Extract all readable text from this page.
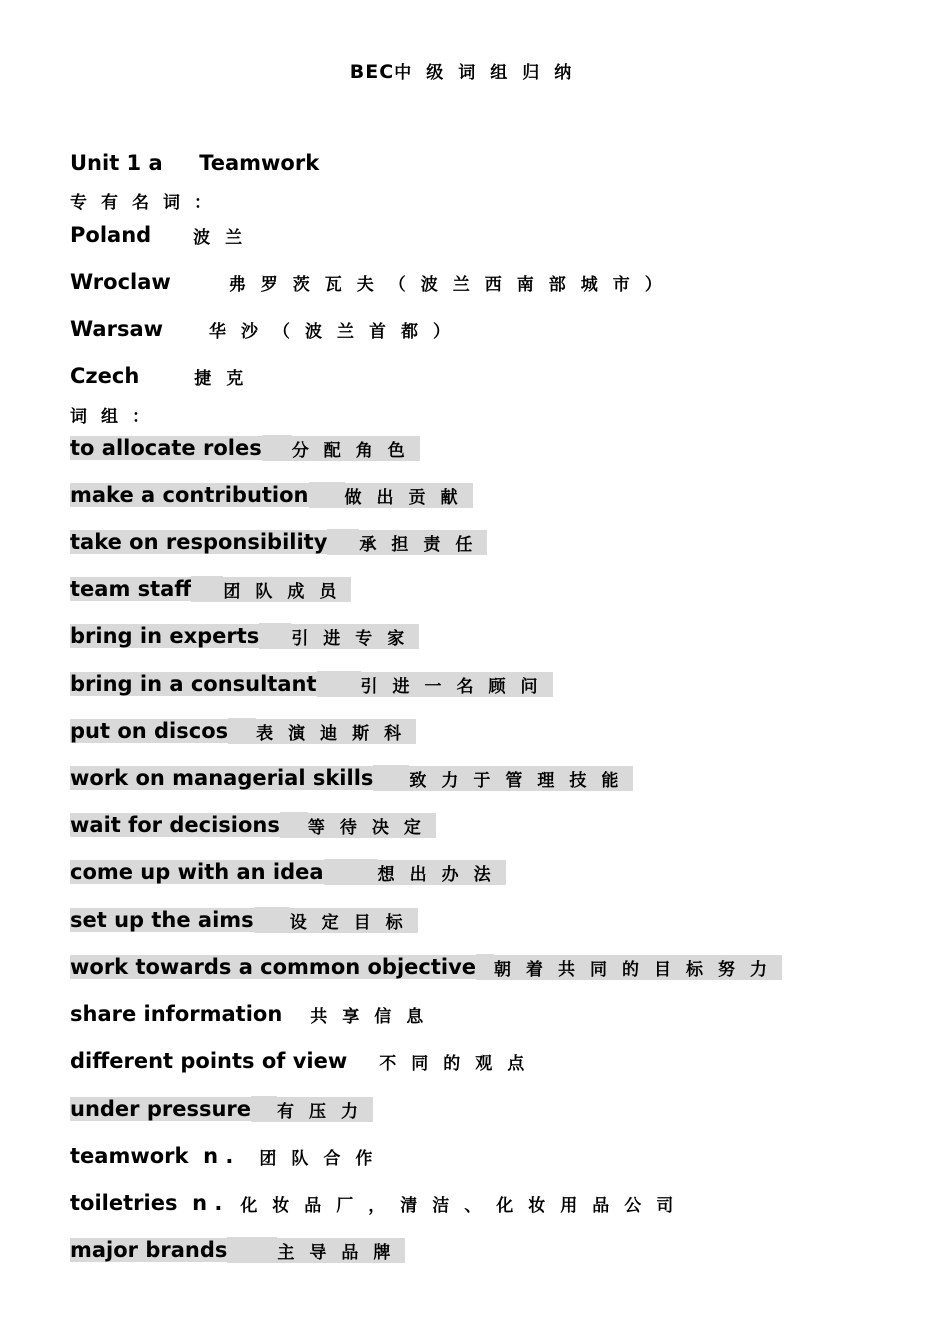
BEC中级词组归纳
Unit 1 a     Teamwork
专有名词：
Poland 波兰
Wroclaw	弗罗茨瓦夫（波兰西南部城市）
Warsaw	华沙（波兰首都）
Czech	捷克
词组：
to allocate roles 分配角色
make a contribution 做出贡献
take on responsibility 承担责任
team staff 团队成员
bring in experts 引进专家
bring in a consultant	引进一名顾问
put on discos 表演迪斯科
work on managerial skills 致力于管理技能
wait for decisions 等待决定
come up with an idea	想出办法
set up the aims 设定目标
work towards a common objective 朝着共同的目标努力
share information 共享信息
different points of view 不同的观点
under pressure 有压力
teamwork  n . 团队合作
toiletries  n . 化妆品厂，清洁、化妆用品公司
major brands	主导品牌
